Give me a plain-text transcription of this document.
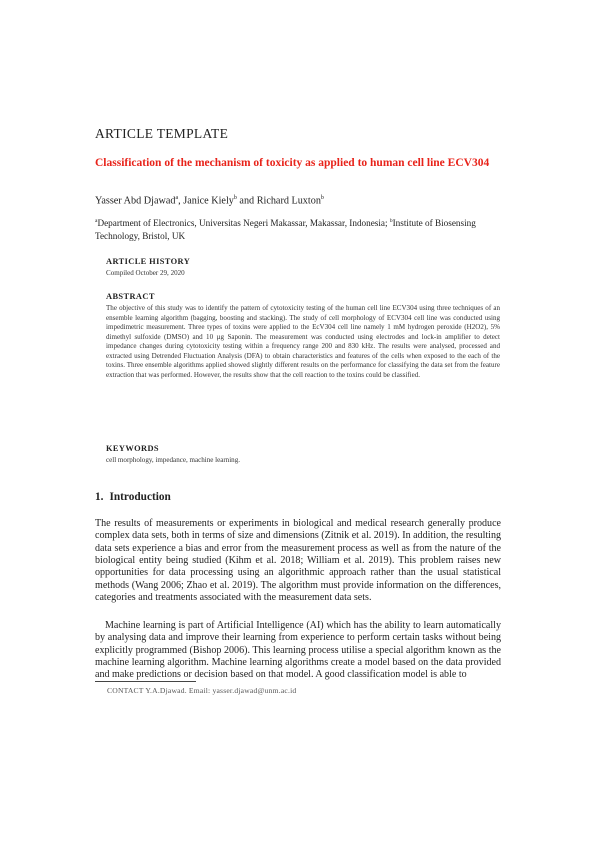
ARTICLE TEMPLATE
Classification of the mechanism of toxicity as applied to human cell line ECV304
Yasser Abd Djawad$^a$, Janice Kiely$^b$ and Richard Luxton$^b$
$^a$Department of Electronics, Universitas Negeri Makassar, Makassar, Indonesia; $^b$Institute of Biosensing Technology, Bristol, UK
ARTICLE HISTORY
Compiled October 29, 2020
ABSTRACT
The objective of this study was to identify the pattern of cytotoxicity testing of the human cell line ECV304 using three techniques of an ensemble learning algorithm (bagging, boosting and stacking). The study of cell morphology of ECV304 cell line was conducted using impedimetric measurement. Three types of toxins were applied to the EcV304 cell line namely 1 mM hydrogen peroxide (H2O2), 5% dimethyl sulfoxide (DMSO) and 10 µg Saponin. The measurement was conducted using electrodes and lock-in amplifier to detect impedance changes during cytotoxicity testing within a frequency range 200 and 830 kHz. The results were analysed, processed and extracted using Detrended Fluctuation Analysis (DFA) to obtain characteristics and features of the cells when exposed to the each of the toxins. Three ensemble algorithms applied showed slightly different results on the performance for classifying the data set from the feature extraction that was performed. However, the results show that the cell reaction to the toxins could be classified.
KEYWORDS
cell morphology, impedance, machine learning.
1. Introduction
The results of measurements or experiments in biological and medical research generally produce complex data sets, both in terms of size and dimensions (Zitnik et al. 2019). In addition, the resulting data sets experience a bias and error from the measurement process as well as from the nature of the biological entity being studied (Kihm et al. 2018; William et al. 2019). This problem raises new opportunities for data processing using an algorithmic approach rather than the usual statistical methods (Wang 2006; Zhao et al. 2019). The algorithm must provide information on the differences, categories and treatments associated with the measurement data sets.
Machine learning is part of Artificial Intelligence (AI) which has the ability to learn automatically by analysing data and improve their learning from experience to perform certain tasks without being explicitly programmed (Bishop 2006). This learning process utilise a special algorithm known as the machine learning algorithm. Machine learning algorithms create a model based on the data provided and make predictions or decision based on that model. A good classification model is able to
CONTACT Y.A.Djawad. Email: yasser.djawad@unm.ac.id
